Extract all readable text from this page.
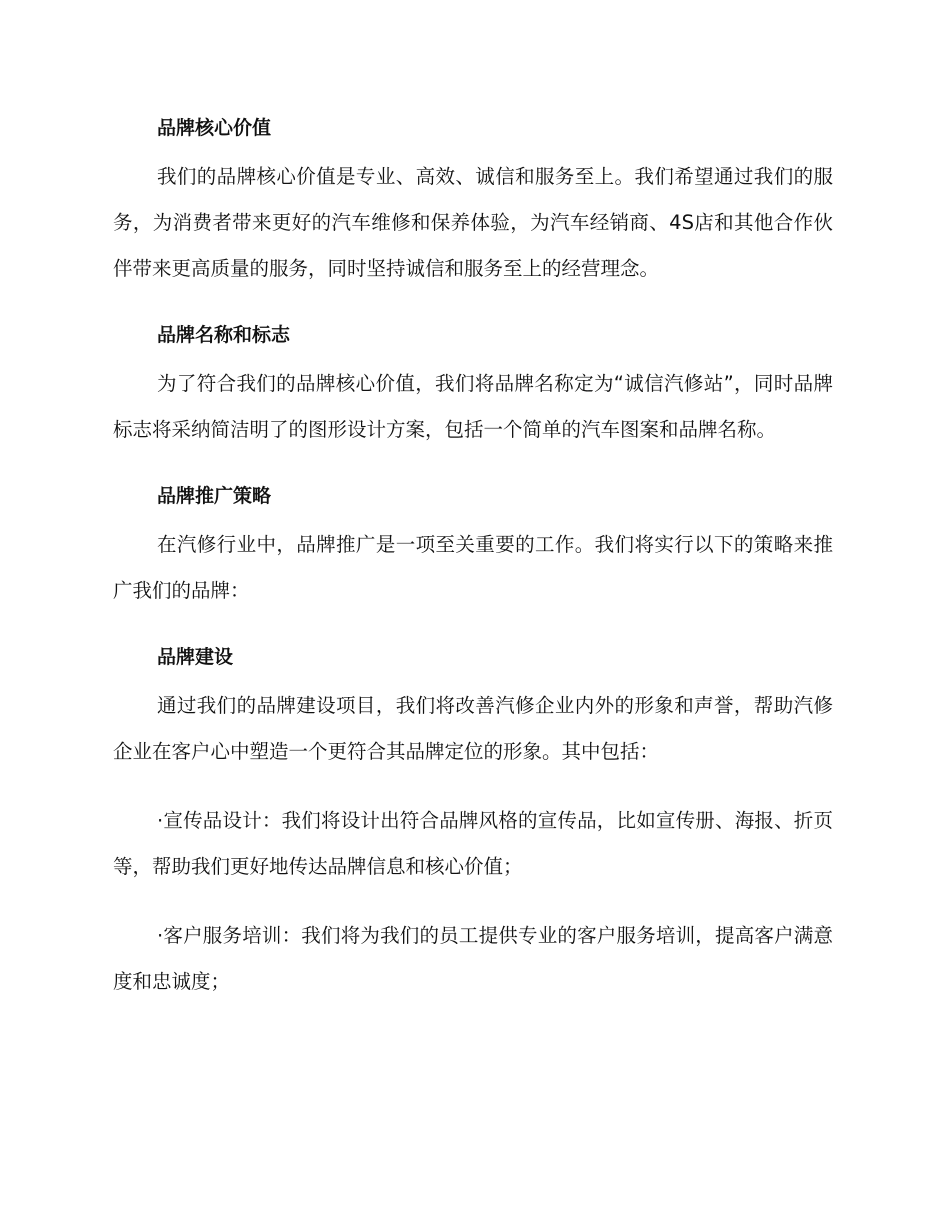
品牌核心价值

我们的品牌核心价值是专业、高效、诚信和服务至上。我们希望通过我们的服务，为消费者带来更好的汽车维修和保养体验，为汽车经销商、4S店和其他合作伙伴带来更高质量的服务，同时坚持诚信和服务至上的经营理念。

品牌名称和标志

为了符合我们的品牌核心价值，我们将品牌名称定为“诚信汽修站”，同时品牌标志将采纳简洁明了的图形设计方案，包括一个简单的汽车图案和品牌名称。

品牌推广策略

在汽修行业中，品牌推广是一项至关重要的工作。我们将实行以下的策略来推广我们的品牌：

品牌建设

通过我们的品牌建设项目，我们将改善汽修企业内外的形象和声誉，帮助汽修企业在客户心中塑造一个更符合其品牌定位的形象。其中包括：

·宣传品设计：我们将设计出符合品牌风格的宣传品，比如宣传册、海报、折页等，帮助我们更好地传达品牌信息和核心价值；

·客户服务培训：我们将为我们的员工提供专业的客户服务培训，提高客户满意度和忠诚度；
